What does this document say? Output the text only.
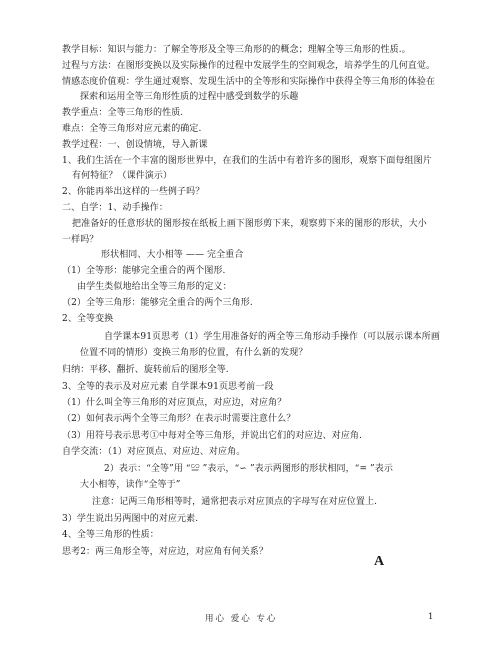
教学目标：知识与能力：了解全等形及全等三角形的的概念；理解全等三角形的性质.。
过程与方法：在图形变换以及实际操作的过程中发展学生的空间观念，培养学生的几何直觉。
情感态度价值观：学生通过观察、发现生活中的全等形和实际操作中获得全等三角形的体验在
探索和运用全等三角形性质的过程中感受到数学的乐趣
教学重点：全等三角形的性质.
难点：全等三角形对应元素的确定.
教学过程：一、创设情境，导入新课
1、我们生活在一个丰富的图形世界中，在我们的生活中有着许多的图形，观察下面每组图片
有何特征？（课件演示）
2、你能再举出这样的一些例子吗？
二、自学：1、动手操作：
把准备好的任意形状的图形按在纸板上画下图形剪下来，观察剪下来的图形的形状，大小
一样吗？
形状相同、大小相等 —— 完全重合
（1）全等形：能够完全重合的两个图形.
由学生类似地给出全等三角形的定义：
（2）全等三角形：能够完全重合的两个三角形.
2、全等变换
自学课本91页思考（1）学生用准备好的两全等三角形动手操作（可以展示课本所画
位置不同的情形）变换三角形的位置，有什么新的发现？
归纳：平移、翻折、旋转前后的图形全等.
3、全等的表示及对应元素 自学课本91页思考前一段
（1）什么叫全等三角形的对应顶点，对应边，对应角？
（2）如何表示两个全等三角形？在表示时需要注意什么？
（3）用符号表示思考①中每对全等三角形，并说出它们的对应边、对应角.
自学交流：（1）对应顶点、对应边、对应角。
2）表示：“全等”用 “≌ ”表示，“∽ ”表示两图形的形状相同，“= ”表示
大小相等，读作“全等于”
注意：记两三角形相等时，通常把表示对应顶点的字母写在对应位置上.
3）学生说出另两图中的对应元素.
4、全等三角形的性质：
思考2：两三角形全等，对应边，对应角有何关系？
A
用心 爱心 专心	1
